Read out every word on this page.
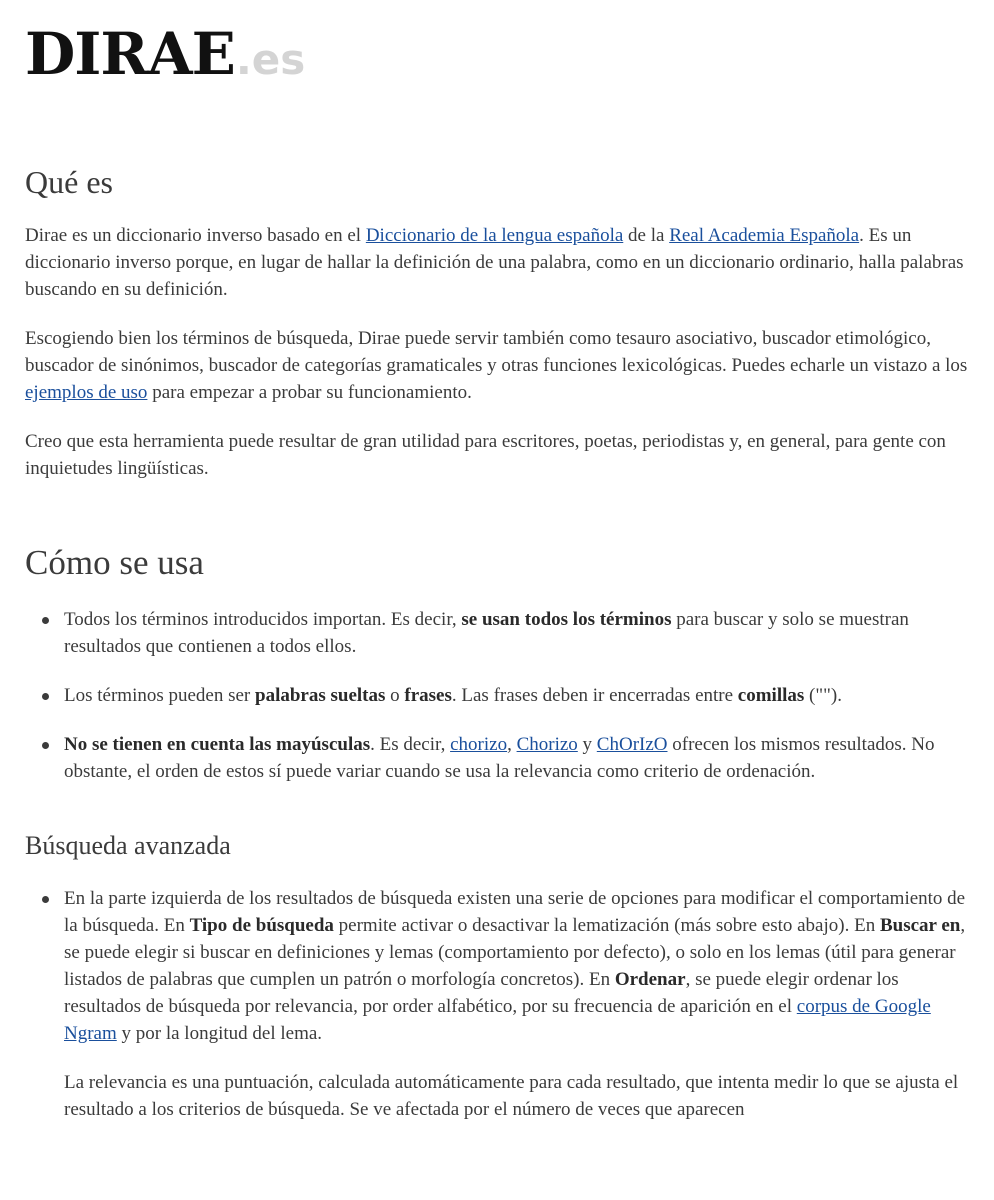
DIRAE.es
Qué es

Dirae es un diccionario inverso basado en el Diccionario de la lengua española de la Real Academia Española. Es un diccionario inverso porque, en lugar de hallar la definición de una palabra, como en un diccionario ordinario, halla palabras buscando en su definición.

Escogiendo bien los términos de búsqueda, Dirae puede servir también como tesauro asociativo, buscador etimológico, buscador de sinónimos, buscador de categorías gramaticales y otras funciones lexicológicas. Puedes echarle un vistazo a los ejemplos de uso para empezar a probar su funcionamiento.

Creo que esta herramienta puede resultar de gran utilidad para escritores, poetas, periodistas y, en general, para gente con inquietudes lingüísticas.

Cómo se usa
Todos los términos introducidos importan. Es decir, se usan todos los términos para buscar y solo se muestran resultados que contienen a todos ellos.
Los términos pueden ser palabras sueltas o frases. Las frases deben ir encerradas entre comillas ("").
No se tienen en cuenta las mayúsculas. Es decir, chorizo, Chorizo y ChOrIzO ofrecen los mismos resultados. No obstante, el orden de estos sí puede variar cuando se usa la relevancia como criterio de ordenación.
Búsqueda avanzada
En la parte izquierda de los resultados de búsqueda existen una serie de opciones para modificar el comportamiento de la búsqueda. En Tipo de búsqueda permite activar o desactivar la lematización (más sobre esto abajo). En Buscar en, se puede elegir si buscar en definiciones y lemas (comportamiento por defecto), o solo en los lemas (útil para generar listados de palabras que cumplen un patrón o morfología concretos). En Ordenar, se puede elegir ordenar los resultados de búsqueda por relevancia, por order alfabético, por su frecuencia de aparición en el corpus de Google Ngram y por la longitud del lema.

La relevancia es una puntuación, calculada automáticamente para cada resultado, que intenta medir lo que se ajusta el resultado a los criterios de búsqueda. Se ve afectada por el número de veces que aparecen
